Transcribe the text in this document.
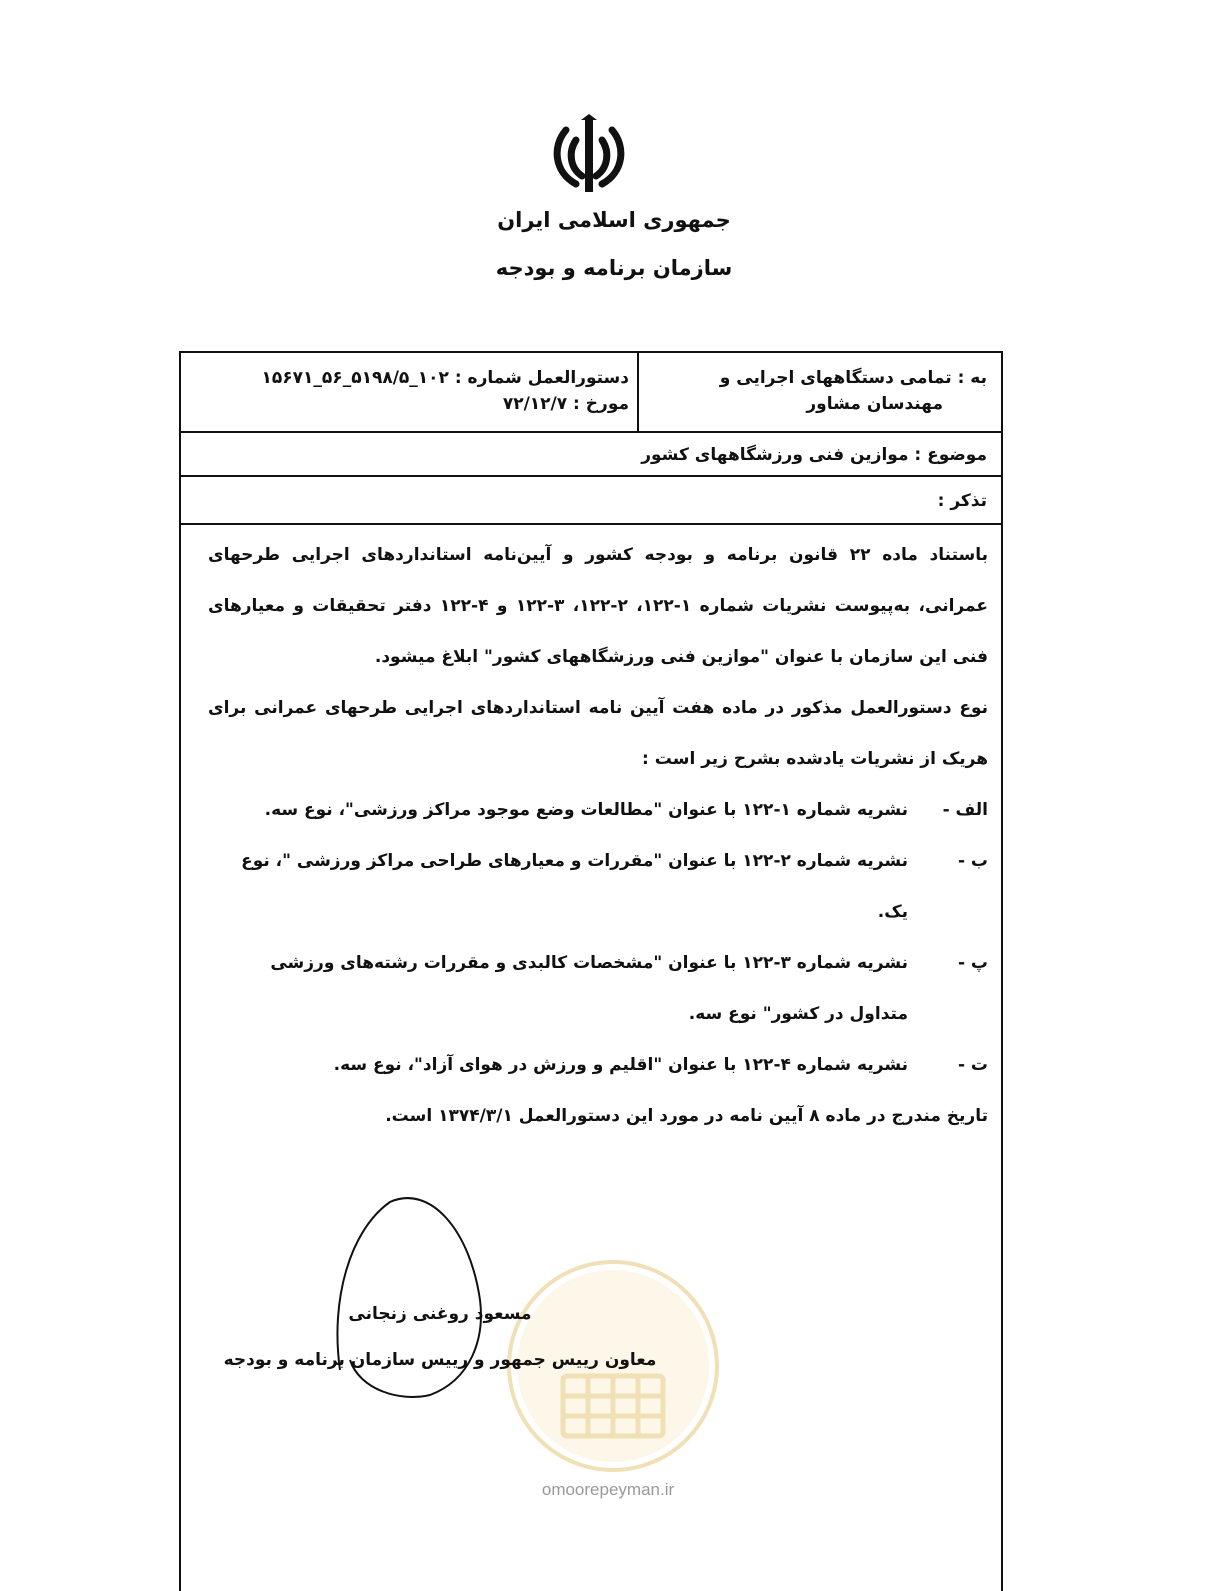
جمهوری اسلامی ایران
سازمان برنامه و بودجه
به : تمامی دستگاههای اجرایی و
مهندسان مشاور
دستورالعمل شماره : ۱۰۲_۵۱۹۸/۵_۵۶_۱۵۶۷۱
مورخ : ۷۲/۱۲/۷
موضوع : موازین فنی ورزشگاههای کشور
تذکر :

باستناد ماده ۲۲ قانون برنامه و بودجه کشور و آیین‌نامه استانداردهای اجرایی طرحهای عمرانی، به‌پیوست نشریات شماره ۱-۱۲۲، ۲-۱۲۲، ۳-۱۲۲ و ۴-۱۲۲ دفتر تحقیقات و معیارهای فنی این سازمان با عنوان "موازین فنی ورزشگاههای کشور" ابلاغ میشود.

نوع دستورالعمل مذکور در ماده هفت آیین نامه استانداردهای اجرایی طرحهای عمرانی برای هریک از نشریات یادشده بشرح زیر است :

الف -
نشریه شماره ۱-۱۲۲ با عنوان "مطالعات وضع موجود مراکز ورزشی"، نوع سه.
ب -
نشریه شماره ۲-۱۲۲ با عنوان "مقررات و معیارهای طراحی مراکز ورزشی "، نوع یک.
پ -
نشریه شماره ۳-۱۲۲ با عنوان "مشخصات کالبدی و مقررات رشته‌های ورزشی متداول در کشور" نوع سه.
ت -
نشریه شماره ۴-۱۲۲ با عنوان "اقلیم و ورزش در هوای آزاد"، نوع سه.

تاریخ مندرج در ماده ۸ آیین نامه در مورد این دستورالعمل ۱۳۷۴/۳/۱ است.

omoorepeyman.ir
مسعود روغنی زنجانی
معاون رییس جمهور و رییس سازمان برنامه و بودجه
